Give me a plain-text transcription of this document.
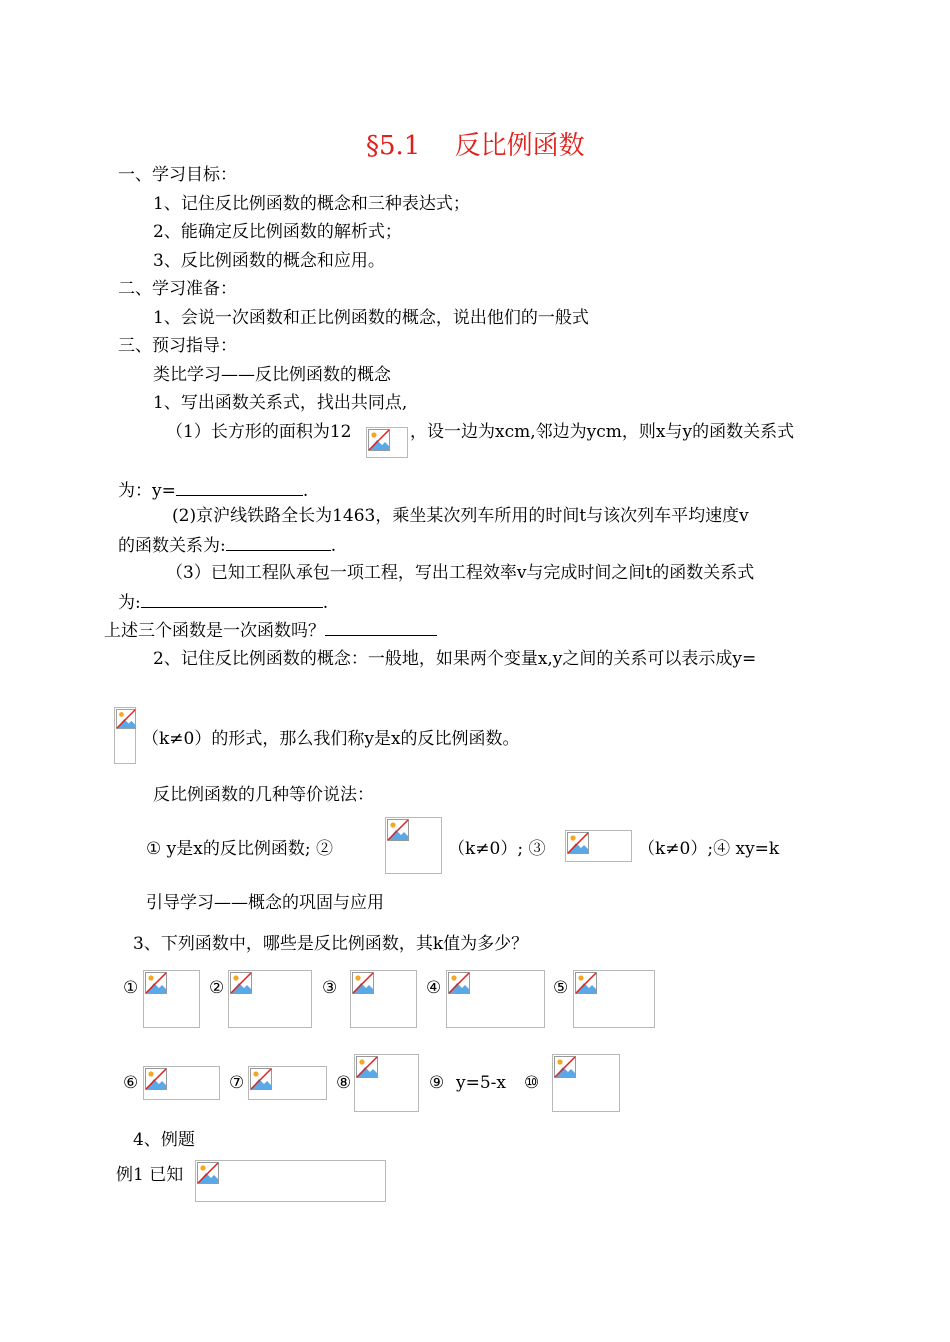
§5.1　 反比例函数
一、学习目标：
1、记住反比例函数的概念和三种表达式；
2、能确定反比例函数的解析式；
3、反比例函数的概念和应用。
二、学习准备：
1、会说一次函数和正比例函数的概念，说出他们的一般式
三、预习指导：
类比学习——反比例函数的概念
1、写出函数关系式，找出共同点,
（1）长方形的面积为12	，设一边为xcm,邻边为ycm，则x与y的函数关系式
为：y=	.
(2)京沪线铁路全长为1463，乘坐某次列车所用的时间t与该次列车平均速度v
的函数关系为:	.
（3）已知工程队承包一项工程，写出工程效率v与完成时间之间t的函数关系式
为:	.
上述三个函数是一次函数吗？
2、记住反比例函数的概念：一般地，如果两个变量x,y之间的关系可以表示成y=
（k≠0）的形式，那么我们称y是x的反比例函数。
反比例函数的几种等价说法：
① y是x的反比例函数; ②	（k≠0）; ③	（k≠0）;④ xy=k
引导学习——概念的巩固与应用
3、下列函数中，哪些是反比例函数，其k值为多少？
①	②	③	④	⑤
⑥	⑦	⑧	⑨ y=5-x ⑩
4、例题
例1 已知
